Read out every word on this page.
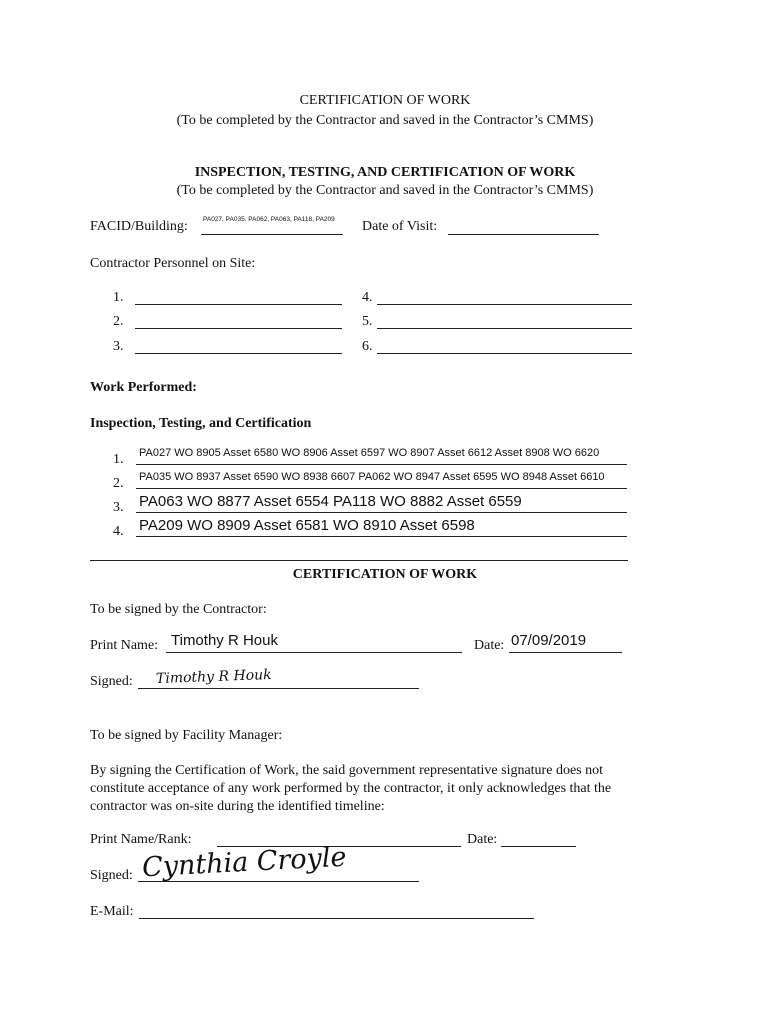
CERTIFICATION OF WORK
(To be completed by the Contractor and saved in the Contractor’s CMMS)
INSPECTION, TESTING, AND CERTIFICATION OF WORK
(To be completed by the Contractor and saved in the Contractor’s CMMS)
FACID/Building: PA027, PA035, PA062, PA063, PA118, PA209 Date of Visit:
Contractor Personnel on Site:
1.
2.
3.
4.
5.
6.
Work Performed:
Inspection, Testing, and Certification
1. PA027 WO 8905 Asset 6580 WO 8906 Asset 6597 WO 8907 Asset 6612 Asset 8908 WO 6620
2. PA035 WO 8937 Asset 6590 WO 8938 6607 PA062 WO 8947 Asset 6595 WO 8948 Asset 6610
3. PA063 WO 8877 Asset 6554 PA118 WO 8882 Asset 6559
4. PA209 WO 8909 Asset 6581 WO 8910 Asset 6598
CERTIFICATION OF WORK
To be signed by the Contractor:
Print Name: Timothy R Houk	Date: 07/09/2019
Signed: Timothy R Houk
To be signed by Facility Manager:
By signing the Certification of Work, the said government representative signature does not
constitute acceptance of any work performed by the contractor, it only acknowledges that the
contractor was on-site during the identified timeline:
Print Name/Rank:	Date:
Signed: Cynthia Croyle
E-Mail:
